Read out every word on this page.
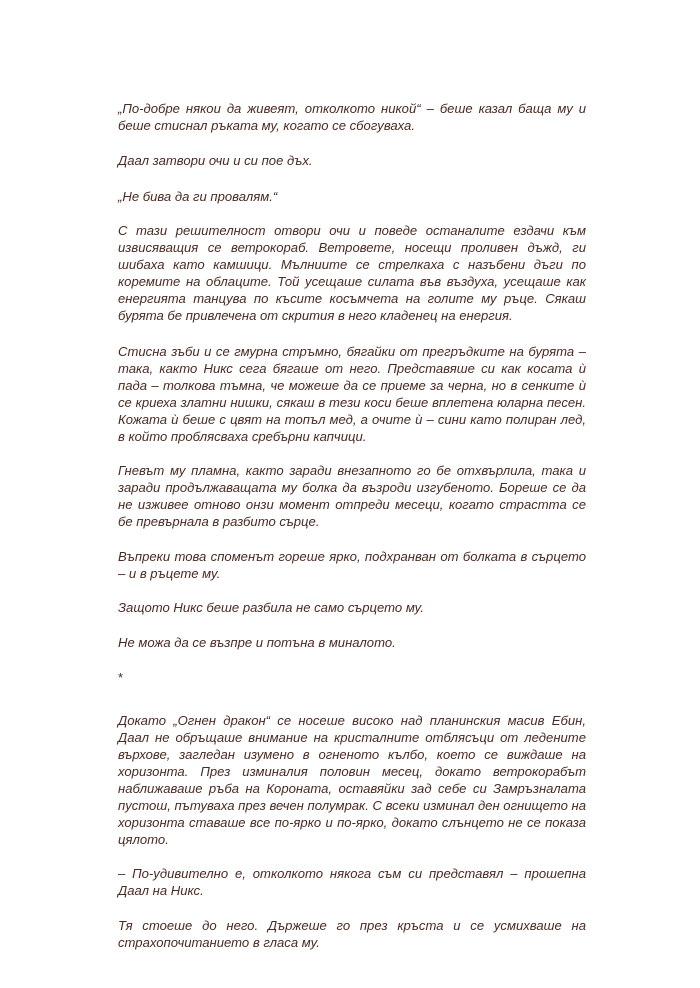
„По-добре някои да живеят, отколкото никой“ – беше казал баща му и беше стиснал ръката му, когато се сбогуваха.

Даал затвори очи и си пое дъх.

„Не бива да ги провалям.“

С тази решителност отвори очи и поведе останалите ездачи към извисяващия се ветрокораб. Ветровете, носещи проливен дъжд, ги шибаха като камшици. Мълниите се стрелкаха с назъбени дъги по коремите на облаците. Той усещаше силата във въздуха, усещаше как енергията танцува по късите косъмчета на голите му ръце. Сякаш бурята бе привлечена от скрития в него кладенец на енергия.

Стисна зъби и се гмурна стръмно, бягайки от прегръдките на бурята – така, както Никс сега бягаше от него. Представяше си как косата ѝ пада – толкова тъмна, че можеше да се приеме за черна, но в сенките ѝ се криеха златни нишки, сякаш в тези коси беше вплетена юларна песен. Кожата ѝ беше с цвят на топъл мед, а очите ѝ – сини като полиран лед, в който проблясваха сребърни капчици.

Гневът му пламна, както заради внезапното го бе отхвърлила, така и заради продължаващата му болка да възроди изгубеното. Бореше се да не изживее отново онзи момент отпреди месеци, когато страстта се бе превърнала в разбито сърце.

Въпреки това споменът гореше ярко, подхранван от болката в сърцето – и в ръцете му.

Защото Никс беше разбила не само сърцето му.

Не можа да се възпре и потъна в миналото.

*

Докато „Огнен дракон“ се носеше високо над планинския масив Ебин, Даал не обръщаше внимание на кристалните отблясъци от ледените върхове, загледан изумено в огненото кълбо, което се виждаше на хоризонта. През изминалия половин месец, докато ветрокорабът наближаваше ръба на Короната, оставяйки зад себе си Замръзналата пустош, пътуваха през вечен полумрак. С всеки изминал ден огнището на хоризонта ставаше все по-ярко и по-ярко, докато слънцето не се показа цялото.

– По-удивително е, отколкото някога съм си представял – прошепна Даал на Никс.

Тя стоеше до него. Държеше го през кръста и се усмихваше на страхопочитанието в гласа му.
